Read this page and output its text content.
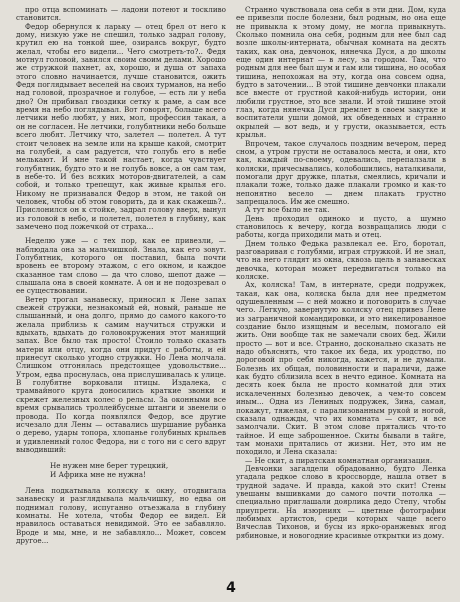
про отца вспоминать — ладони потеют и тоскливо становится.

Федор обернулся к ларьку — отец брел от него к дому, низкую уже не спешил, только задрал голову, крутил ею на тонкой шее, озираясь вокруг, будто желал, чтобы его видели... Чего смотреть-то?.. Федя мотнул головой, завился своим своим делами. Хорошо же стружкой пахнет, ах, хорошо, и душа от запаха этого словно начинается, лучше становится, ожить Федя поглядывает веселей на своих турманов, на небо над головой, прозрачное и голубое, — есть ли у неба дно? Он прибивал гвоздики сетку к раме, а сам все время на небо поглядывал. Вот говорят, больше всего летчики небо любят, у них, мол, профессия такая, а он не согласен. Не летчики, голубятники небо больше всего любят. Летчику что, залетел — полетел. А тут стоит человек на земле или на крыше какой, смотрит на голубей, а сам радуется, что голубь его в небе мелькают. И мне такой настает, когда чувствует голубятник, будто это и не голубь вовсе, а он сам там, в небе-то. И без всяких моторов-двигателей, а сам собой, и только трепещут, как живые крылья его. Никому не признавался Федор в этом, не такой он человек, чтобы об этом говорить, да и как скажешь?.. Прислонился он к стойке, задрал голову вверх, вынул из головой в небо, и полетел, полетел в глубину, как замечено под ложечкой от страха...

Неделю уже — с тех пор, как ее привезли, — наблюдала она за мальчишкой. Знала, как его зовут. Голубятник, которого он поставил, была почти вровень ее второму этажом, с его окном, и каждое сказанное там слово — да что слово, шепот даже — слышала она в своей комнате. А он и не подозревал о ее существовании.

Ветер трогал занавеску, приносил к Лене запах свежей стружки, незнакомый ей, новый, раньше не слышанный, и она долго, прямо до самого какого-то желала приблизь к самим научиться стружки и вдыхать, вдыхать до головокружения этот манящий запах. Все было так просто! Стоило только сказать матери или отцу, когда они придут с работы, и ей принесут сколько угодно стружки. Но Лена молчала. Слишком отгонялась предстоящее удовольствие... Утром, едва проснулась, она прислушивалась к улице. В голубятне ворковали птицы. Издалека, с трамвайного круга доносились краткие звонки и скрежет железных колес о рельсы. За оконными все время срывались троллейбусные штанги и звенели о провода. По когда появлялся Федор, все другие исчезало для Лены — оставались шуршание рубанка о дерево, удары топора, хлопанье голубиных крыльев и удивленный голос Федора, ни с того ни с сего вдруг выводивший:

Не нужен мне берег турецкий,
И Африка мне не нужна!

Лена подкатывала коляску к окну, отодвигала занавеску и разглядывала мальчишку, но едва он поднимал голову, испуганно отъезжала в глубину комнаты. Не хотела, чтобы Федор ее видел. Ей нравилось оставаться невидимой. Это ее забавляло. Вроде и мы, мне, и не забавляло... Может, совсем другое...

Странно чувствовала она себя в эти дни. Дом, куда ее привезли после болезни, был родным, но она еще не привыкла к этому дому, не могла привыкнуть. Сколько помнила она себя, родным для нее был сад возле школы-интерната, обычная комната на десять таких, как она, девчонок, нянечка Дуся, а до школы еще один интернат — в лесу, за городом. Там, что родным для нее был шум и гам или тишина, но особая тишина, непохожая на эту, когда она совсем одна, будто в заточении... В этой тишине девчонки плакали все вместе от грустной какой-нибудь истории, они любили грустное, это все знали. И этой тишине этой глаз, когда нянечка Дуся дремлет в своем закутке и воспитатели ушли домой, их обведенных и странно окрылей — вот ведь, и у грусти, оказывается, есть крылья.

Впрочем, такое случалось поздним вечером, перед сном, а утром грусти не оставалось места, и они, кто как, каждый по-своему, одевались, перепалзали в коляски, причесывались, колобошились, наталкивали, помогали друг дружке, платья, смеялись, кричали и плакали тоже, только даже плакали громко и как-то непонятно весело — днем плакать грустно запрещалось. Им же смешно.

А тут все было не так.

День проходил одиноко и пусто, а шумно становилось к вечеру, когда возвращались люди с работы, когда приходили мать и отец.

Днем только Федька развлекал ее. Его, боротал, разговаривая с голубями, играя стружкой. И не знал, что на него глядят из окна, сквозь щель в занавесках девочка, которая может передвигаться только на коляске.

Ах, коляска! Там, в интернате, среди подружек, такая, как она, коляска была для нее предметом одушевленным — с ней можно и поговорить в случае чего. Легкую, завернутую коляску отец привез Лене из заграничной командировки, и это никелированное создание было изящным и веселым, помогало ей жить. Они вообще так не замечали своих бед. Жили просто — вот и все. Странно, досконально сказать не надо объяснять, что такое их беда, их уродство, по дороговой про себя никогда, кажется, и не думали. Болезнь их общая, половинности и параличи, даже как будто сблизила всех в нечто единое. Комната на десять коек была не просто комнатой для этих искалеченных болезнью девочек, а чем-то совсем иным... Одна из Лениных подружек, Зина, самая, покажут, тяжелая, с парализованным рукой и ногой, сказала однажды, что их комната — скит, и все замолчали. Скит. В этом слове прятались что-то тайное. И еще заброшенное. Скиты бывали в тайге, там монахи прятались от жизни. Нет, это им не походило, и Лена сказала:

— Не скит, а пиратская комнатная организация.

Девчонки загалдели обрадованно, будто Ленка угадала редкое слово в кроссворде, нашла ответ в трудной задаче. И правда, какой это скит! Стены увешаны вышивками до самого почти потолка — специально приглашали доярлика дедо Степу, чтобы приупрети. На изюрниях — цветные фотографии любимых артистов, среди которых чаще всего Вячеслав Тихонов, и бусы из ярко-оранжевых ягод рябиновые, и новогодние красивые открытки из дому.

4
